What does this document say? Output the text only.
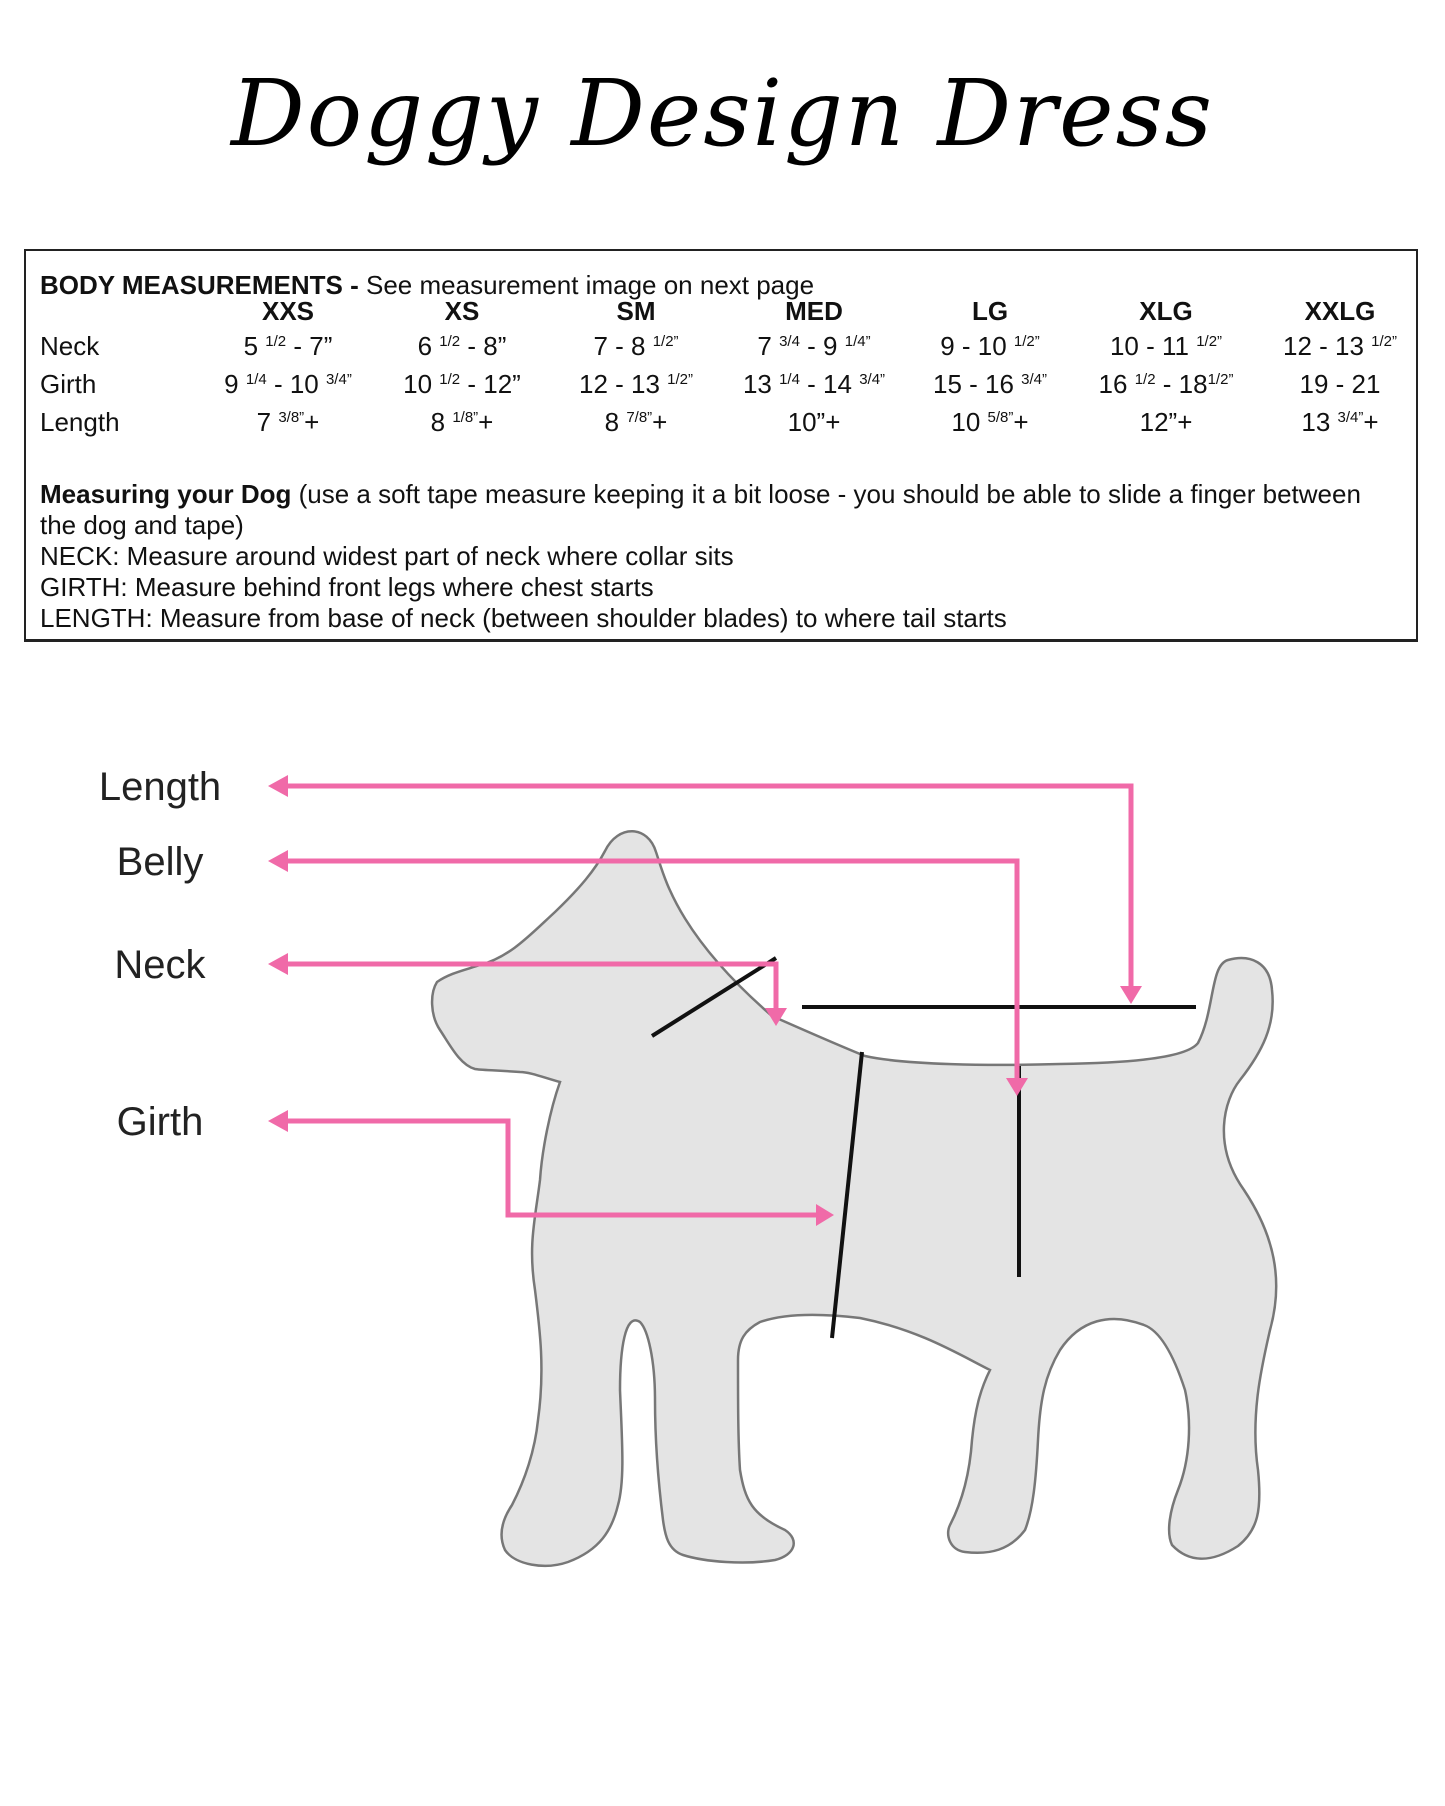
Doggy Design Dress
BODY MEASUREMENTS - See measurement image on next page
XXS	XS	SM	MED	LG	XLG	XXLG
Neck	5 $^{1/2}$ - 7”	6 $^{1/2}$ - 8”	7 - 8 $^{1/2”}$	7 $^{3/4}$ - 9 $^{1/4”}$	9 - 10 $^{1/2”}$	10 - 11 $^{1/2”}$	12 - 13 $^{1/2”}$
Girth	9 $^{1/4}$ - 10 $^{3/4”}$	10 $^{1/2}$ - 12”	12 - 13 $^{1/2”}$	13 $^{1/4}$ - 14 $^{3/4”}$	15 - 16 $^{3/4”}$	16 $^{1/2} - 18^{1/2”}$	19 - 21
Length	7 $^{3/8”}$+	8 $^{1/8”}$+	8 $^{7/8”}$+	10”+	10 $^{5/8”}$+	12”+	13 $^{3/4”}$+

Measuring your Dog (use a soft tape measure keeping it a bit loose - you should be able to slide a finger between the dog and tape)

NECK: Measure around widest part of neck where collar sits

GIRTH: Measure behind front legs where chest starts

LENGTH: Measure from base of neck (between shoulder blades) to where tail starts

Length
Belly
Neck
Girth
